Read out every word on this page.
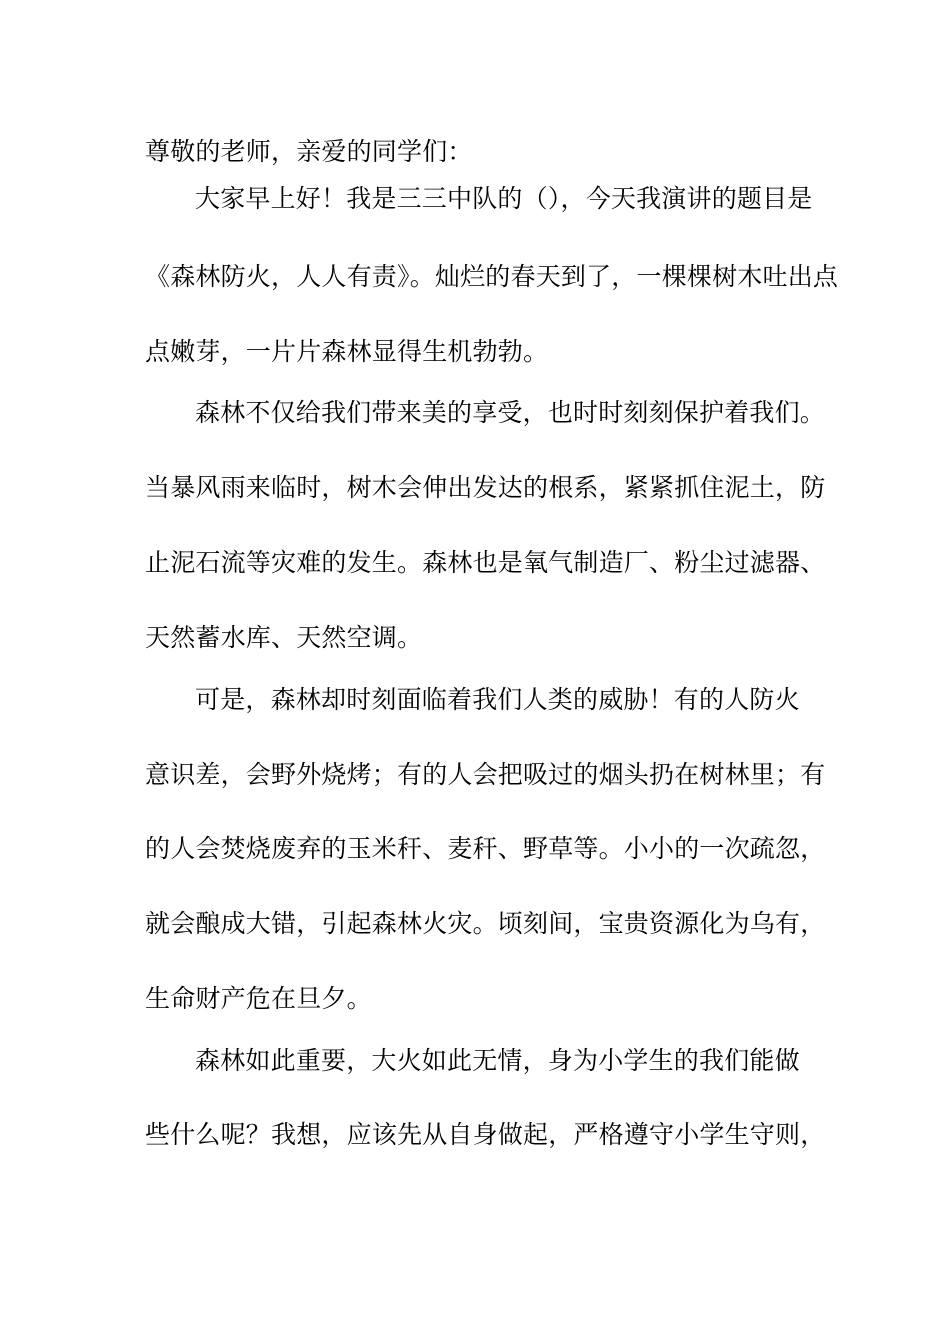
尊敬的老师，亲爱的同学们：
大家早上好！我是三三中队的（），今天我演讲的题目是
《森林防火，人人有责》。灿烂的春天到了，一棵棵树木吐出点
点嫩芽，一片片森林显得生机勃勃。
森林不仅给我们带来美的享受，也时时刻刻保护着我们。
当暴风雨来临时，树木会伸出发达的根系，紧紧抓住泥土，防
止泥石流等灾难的发生。森林也是氧气制造厂、粉尘过滤器、
天然蓄水库、天然空调。
可是，森林却时刻面临着我们人类的威胁！有的人防火
意识差，会野外烧烤；有的人会把吸过的烟头扔在树林里；有
的人会焚烧废弃的玉米秆、麦秆、野草等。小小的一次疏忽，
就会酿成大错，引起森林火灾。顷刻间，宝贵资源化为乌有，
生命财产危在旦夕。
森林如此重要，大火如此无情，身为小学生的我们能做
些什么呢？我想，应该先从自身做起，严格遵守小学生守则，
